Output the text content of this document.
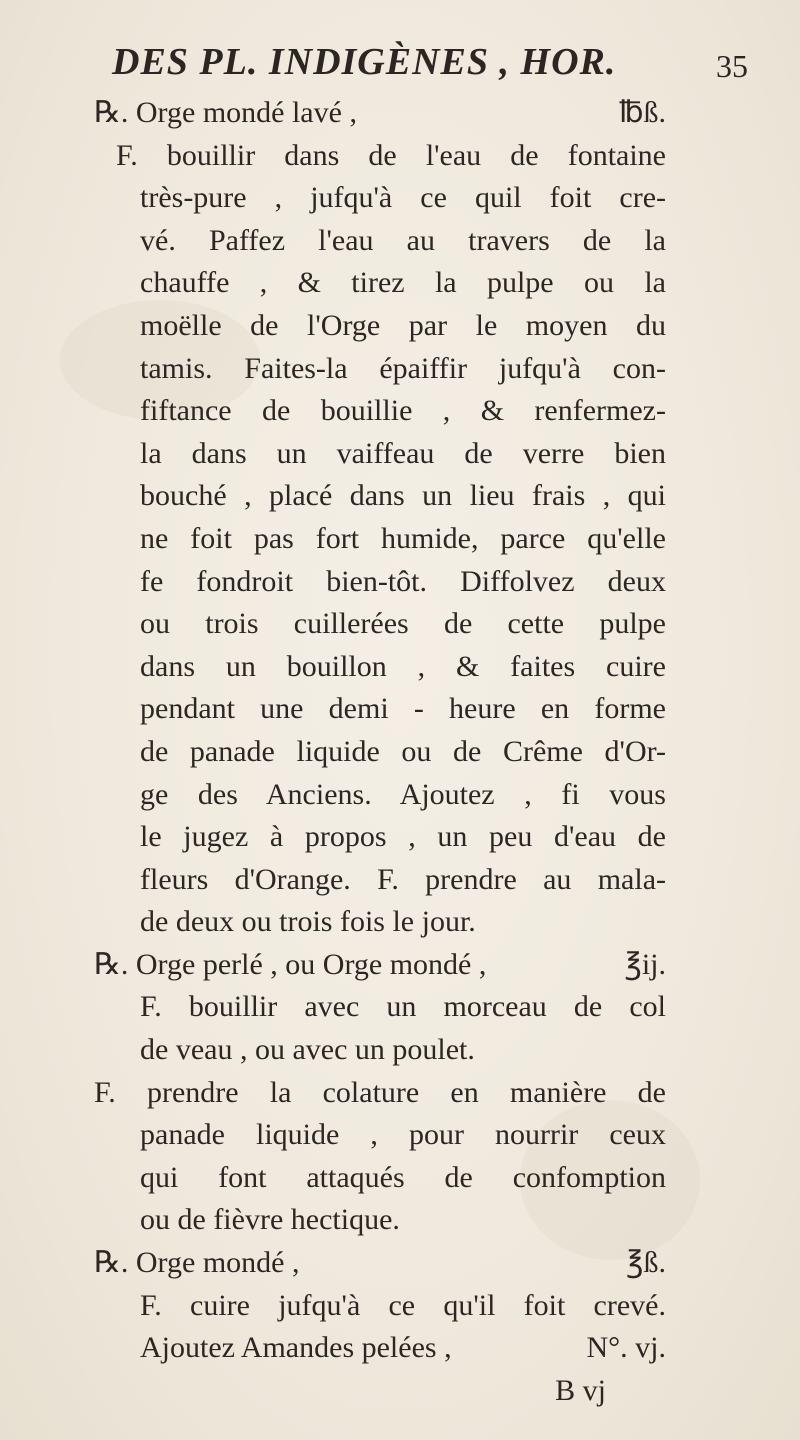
DES PL. INDIGÈNES , HOR.	35
℞. Orge mondé lavé ,	℔ß.
F. bouillir dans de l'eau de fontaine
très-pure , jufqu'à ce quil foit cre-
vé. Paffez l'eau au travers de la
chauffe , & tirez la pulpe ou la
moëlle de l'Orge par le moyen du
tamis. Faites-la épaiffir jufqu'à con-
fiftance de bouillie , & renfermez-
la dans un vaiffeau de verre bien
bouché , placé dans un lieu frais , qui
ne foit pas fort humide, parce qu'elle
fe fondroit bien-tôt. Diffolvez deux
ou trois cuillerées de cette pulpe
dans un bouillon , & faites cuire
pendant une demi - heure en forme
de panade liquide ou de Crême d'Or-
ge des Anciens. Ajoutez , fi vous
le jugez à propos , un peu d'eau de
fleurs d'Orange. F. prendre au mala-
de deux ou trois fois le jour.
℞. Orge perlé , ou Orge mondé ,	℥ij.
F. bouillir avec un morceau de col
de veau , ou avec un poulet.
F. prendre la colature en manière de
panade liquide , pour nourrir ceux
qui font attaqués de confomption
ou de fièvre hectique.
℞. Orge mondé ,	℥ß.
F. cuire jufqu'à ce qu'il foit crevé.
Ajoutez Amandes pelées ,	N°. vj.
B vj
